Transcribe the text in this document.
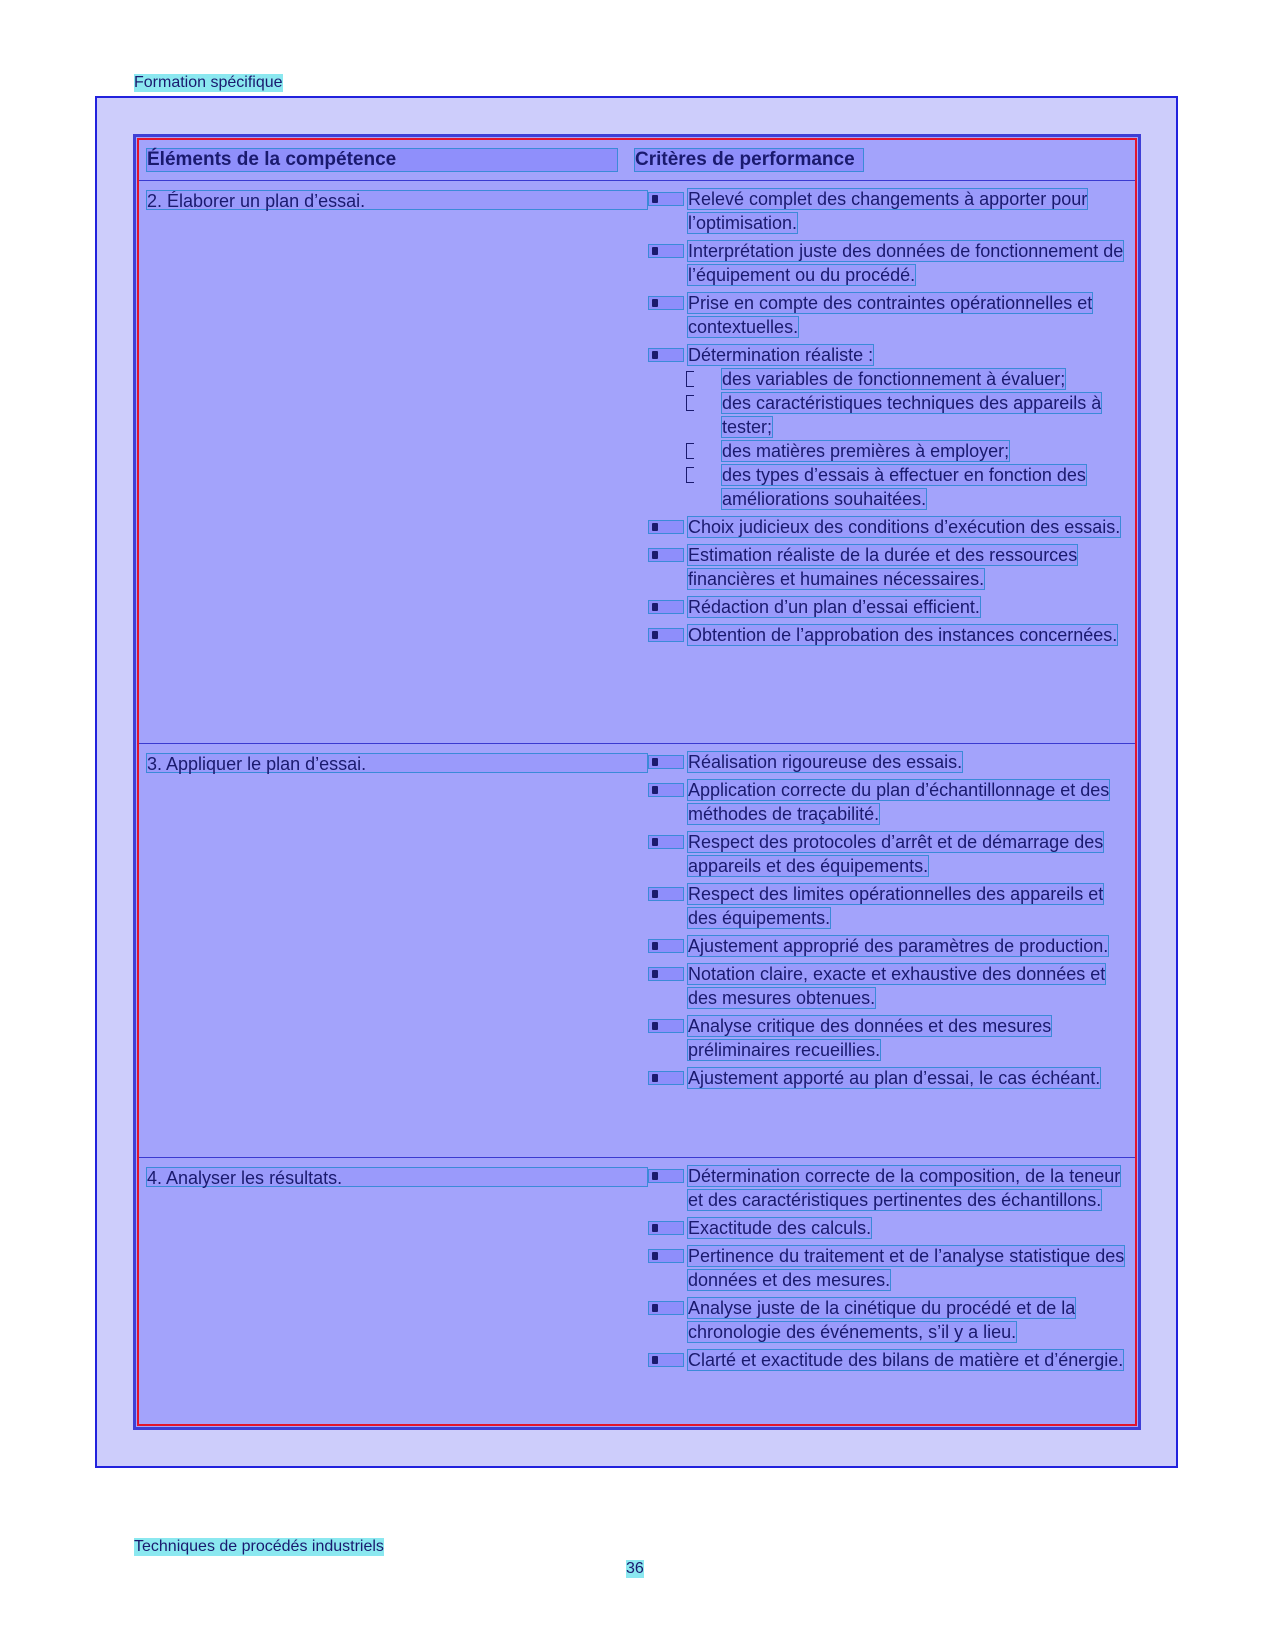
Formation spécifique
Éléments de la compétence	Critères de performance
2. Élaborer un plan d’essai.	Relevé complet des changements à apporter pour l’optimisation.
Interprétation juste des données de fonctionnement de l’équipement ou du procédé.
Prise en compte des contraintes opérationnelles et contextuelles.
Détermination réaliste :
des variables de fonctionnement à évaluer;
des caractéristiques techniques des appareils à tester;
des matières premières à employer;
des types d’essais à effectuer en fonction des améliorations souhaitées.
Choix judicieux des conditions d’exécution des essais.
Estimation réaliste de la durée et des ressources financières et humaines nécessaires.
Rédaction d’un plan d’essai efficient.
Obtention de l’approbation des instances concernées.
3. Appliquer le plan d’essai.	Réalisation rigoureuse des essais.
Application correcte du plan d’échantillonnage et des méthodes de traçabilité.
Respect des protocoles d’arrêt et de démarrage des appareils et des équipements.
Respect des limites opérationnelles des appareils et des équipements.
Ajustement approprié des paramètres de production.
Notation claire, exacte et exhaustive des données et des mesures obtenues.
Analyse critique des données et des mesures préliminaires recueillies.
Ajustement apporté au plan d’essai, le cas échéant.
4. Analyser les résultats.	Détermination correcte de la composition, de la teneur et des caractéristiques pertinentes des échantillons.
Exactitude des calculs.
Pertinence du traitement et de l’analyse statistique des données et des mesures.
Analyse juste de la cinétique du procédé et de la chronologie des événements, s’il y a lieu.
Clarté et exactitude des bilans de matière et d’énergie.
Techniques de procédés industriels
36
